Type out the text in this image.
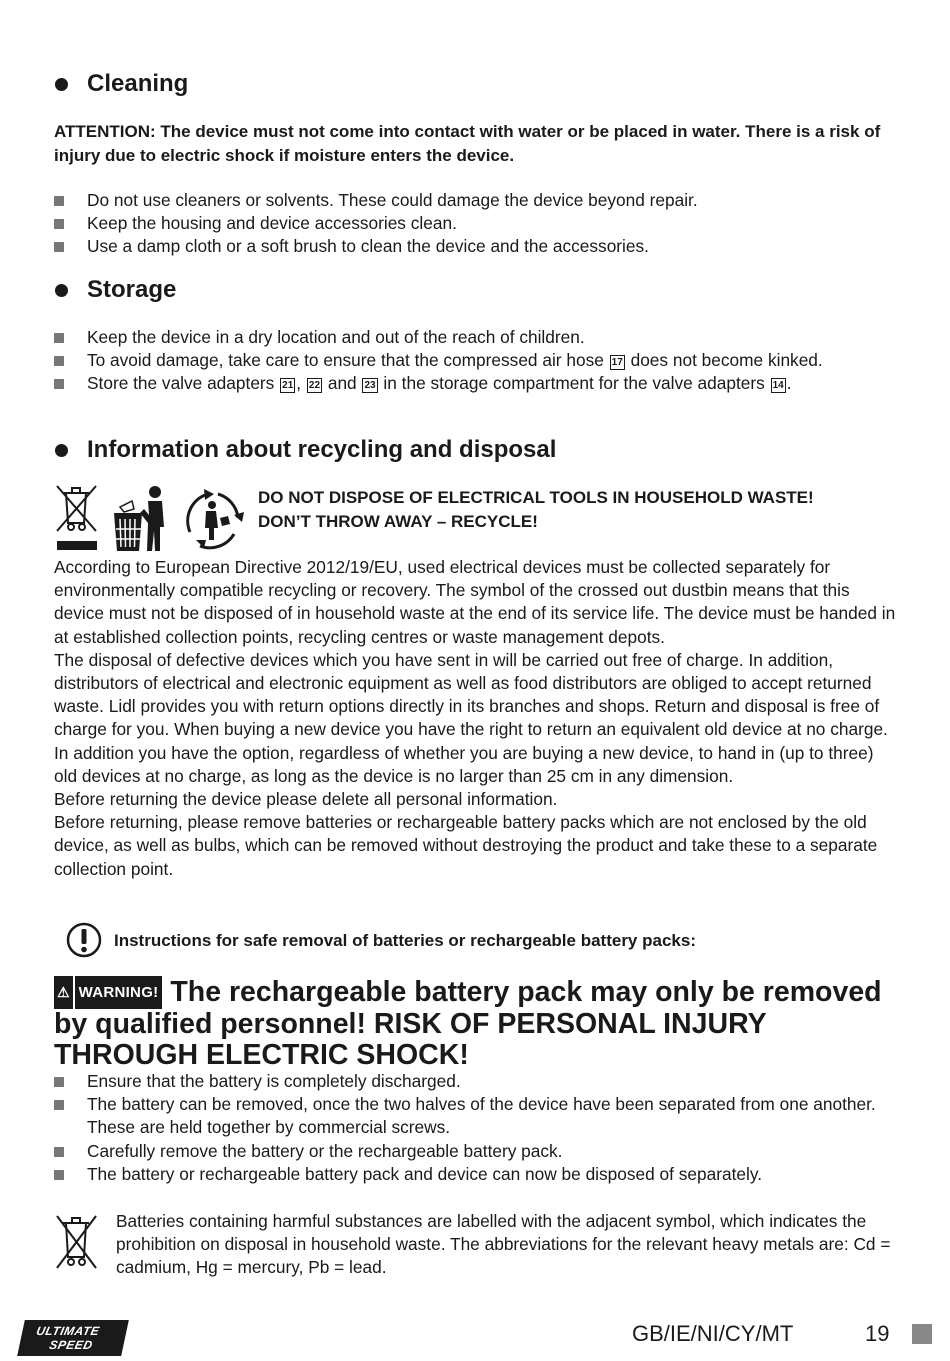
Cleaning
ATTENTION: The device must not come into contact with water or be placed in water. There is a risk of injury due to electric shock if moisture enters the device.
Do not use cleaners or solvents. These could damage the device beyond repair.
Keep the housing and device accessories clean.
Use a damp cloth or a soft brush to clean the device and the accessories.
Storage
Keep the device in a dry location and out of the reach of children.
To avoid damage, take care to ensure that the compressed air hose 17 does not become kinked.
Store the valve adapters 21 , 22 and 23 in the storage compartment for the valve adapters 14 .
Information about recycling and disposal
DO NOT DISPOSE OF ELECTRICAL TOOLS IN HOUSEHOLD WASTE!
DON’T THROW AWAY – RECYCLE!

According to European Directive 2012/19/EU, used electrical devices must be collected separately for environmentally compatible recycling or recovery. The symbol of the crossed out dustbin means that this device must not be disposed of in household waste at the end of its service life. The device must be handed in at established collection points, recycling centres or waste management depots.

The disposal of defective devices which you have sent in will be carried out free of charge. In addition, distributors of electrical and electronic equipment as well as food distributors are obliged to accept returned waste. Lidl provides you with return options directly in its branches and shops. Return and disposal is free of charge for you. When buying a new device you have the right to return an equivalent old device at no charge. In addition you have the option, regardless of whether you are buying a new device, to hand in (up to three) old devices at no charge, as long as the device is no larger than 25 cm in any dimension.

Before returning the device please delete all personal information.

Before returning, please remove batteries or rechargeable battery packs which are not enclosed by the old device, as well as bulbs, which can be removed without destroying the product and take these to a separate collection point.

Instructions for safe removal of batteries or rechargeable battery packs:
⚠ WARNING! The rechargeable battery pack may only be removed by qualified personnel! RISK OF PERSONAL INJURY THROUGH ELECTRIC SHOCK!
Ensure that the battery is completely discharged.
The battery can be removed, once the two halves of the device have been separated from one another. These are held together by commercial screws.
Carefully remove the battery or the rechargeable battery pack.
The battery or rechargeable battery pack and device can now be disposed of separately.
Batteries containing harmful substances are labelled with the adjacent symbol, which indicates the prohibition on disposal in household waste. The abbreviations for the relevant heavy metals are: Cd = cadmium, Hg = mercury, Pb = lead.
ULTIMATE
SPEED	GB/IE/NI/CY/MT	19
